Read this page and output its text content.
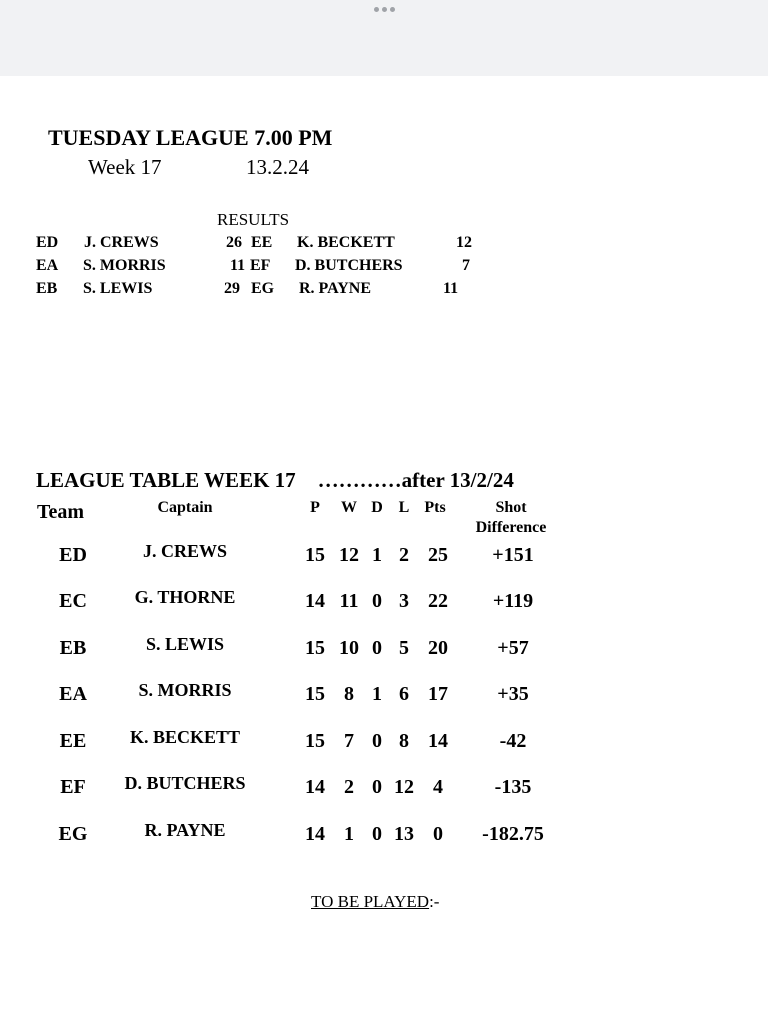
TUESDAY LEAGUE 7.00 PM
Week 17	13.2.24
RESULTS
ED J. CREWS	26 EE K. BECKETT	12
EA S. MORRIS	11 EF D. BUTCHERS	7
EB S. LEWIS	29 EG R. PAYNE	11
LEAGUE TABLE WEEK 17 …………after 13/2/24
Team	Captain	P W D L Pts	Shot
Difference
ED	J. CREWS	15 12 1 2 25 +151
EC	G. THORNE	14 11 0 3 22 +119
EB	S. LEWIS	15 10 0 5 20 +57
EA	S. MORRIS	15 8 1 6 17 +35
EE K. BECKETT	15 7 0 8 14	-42
EF D. BUTCHERS	14 2 0 12 4	-135
EG	R. PAYNE	14 1 0 13 0 -182.75
TO BE PLAYED:-
